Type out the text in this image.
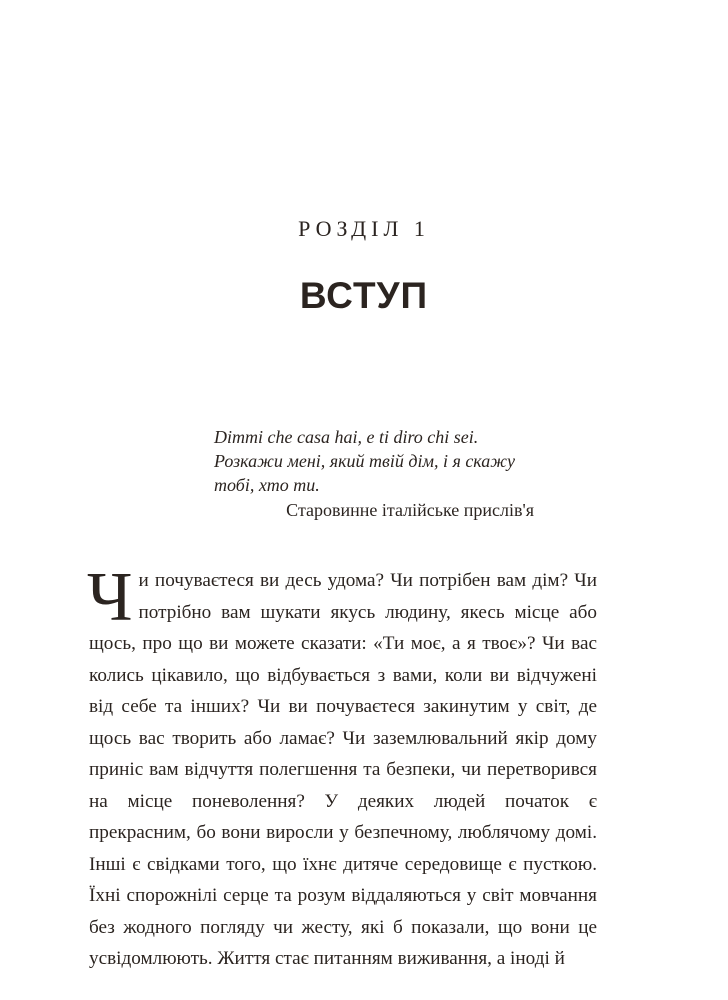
РОЗДІЛ 1
ВСТУП
Dimmi che casa hai, e ti diro chi sei.
Розкажи мені, який твій дім, і я скажу
тобі, хто ти.
Старовинне італійське прислів'я
Чи почуваєтеся ви десь удома? Чи потрібен вам дім? Чи потрібно вам шукати якусь людину, якесь місце або щось, про що ви можете сказати: «Ти моє, а я твоє»? Чи вас колись цікавило, що відбувається з вами, коли ви відчужені від себе та інших? Чи ви почуваєтеся закинутим у світ, де щось вас творить або ламає? Чи заземлювальний якір дому приніс вам відчуття полегшення та безпеки, чи перетворився на місце поневолення? У деяких людей початок є прекрасним, бо вони виросли у безпечному, люблячому домі. Інші є свідками того, що їхнє дитяче середовище є пусткою. Їхні спорожнілі серце та розум віддаляються у світ мовчання без жодного погляду чи жесту, які б показали, що вони це усвідомлюють. Життя стає питанням виживання, а іноді й
